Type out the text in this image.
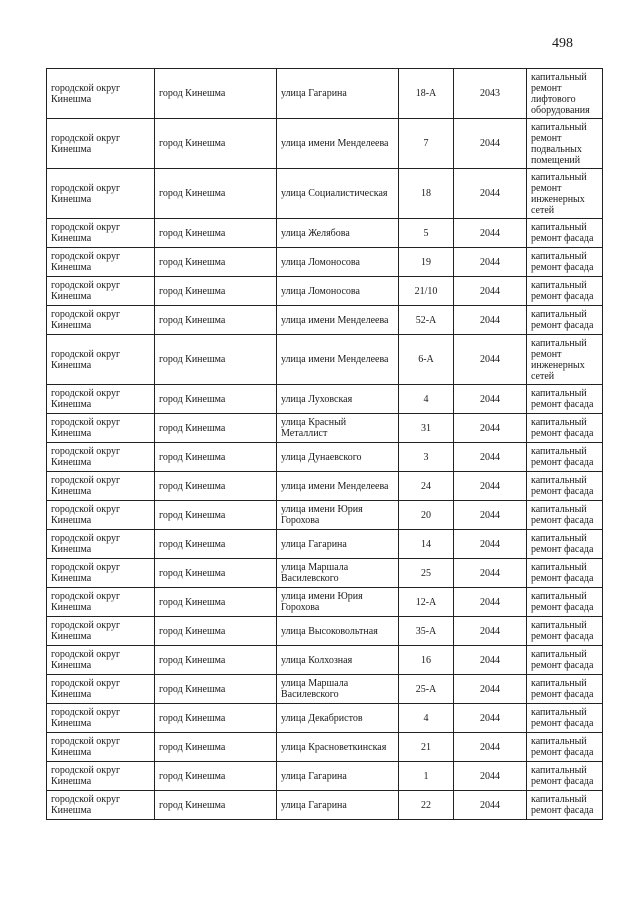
498
городской округ Кинешма	город Кинешма	улица Гагарина	18-А	2043	капитальный ремонт лифтового оборудования
городской округ Кинешма	город Кинешма	улица имени Менделеева	7	2044	капитальный ремонт подвальных помещений
городской округ Кинешма	город Кинешма	улица Социалистическая	18	2044	капитальный ремонт инженерных сетей
городской округ Кинешма	город Кинешма	улица Желябова	5	2044	капитальный ремонт фасада
городской округ Кинешма	город Кинешма	улица Ломоносова	19	2044	капитальный ремонт фасада
городской округ Кинешма	город Кинешма	улица Ломоносова	21/10	2044	капитальный ремонт фасада
городской округ Кинешма	город Кинешма	улица имени Менделеева	52-А	2044	капитальный ремонт фасада
городской округ Кинешма	город Кинешма	улица имени Менделеева	6-А	2044	капитальный ремонт инженерных сетей
городской округ Кинешма	город Кинешма	улица Луховская	4	2044	капитальный ремонт фасада
городской округ Кинешма	город Кинешма	улица Красный Металлист	31	2044	капитальный ремонт фасада
городской округ Кинешма	город Кинешма	улица Дунаевского	3	2044	капитальный ремонт фасада
городской округ Кинешма	город Кинешма	улица имени Менделеева	24	2044	капитальный ремонт фасада
городской округ Кинешма	город Кинешма	улица имени Юрия Горохова	20	2044	капитальный ремонт фасада
городской округ Кинешма	город Кинешма	улица Гагарина	14	2044	капитальный ремонт фасада
городской округ Кинешма	город Кинешма	улица Маршала Василевского	25	2044	капитальный ремонт фасада
городской округ Кинешма	город Кинешма	улица имени Юрия Горохова	12-А	2044	капитальный ремонт фасада
городской округ Кинешма	город Кинешма	улица Высоковольтная	35-А	2044	капитальный ремонт фасада
городской округ Кинешма	город Кинешма	улица Колхозная	16	2044	капитальный ремонт фасада
городской округ Кинешма	город Кинешма	улица Маршала Василевского	25-А	2044	капитальный ремонт фасада
городской округ Кинешма	город Кинешма	улица Декабристов	4	2044	капитальный ремонт фасада
городской округ Кинешма	город Кинешма	улица Красноветкинская	21	2044	капитальный ремонт фасада
городской округ Кинешма	город Кинешма	улица Гагарина	1	2044	капитальный ремонт фасада
городской округ Кинешма	город Кинешма	улица Гагарина	22	2044	капитальный ремонт фасада
